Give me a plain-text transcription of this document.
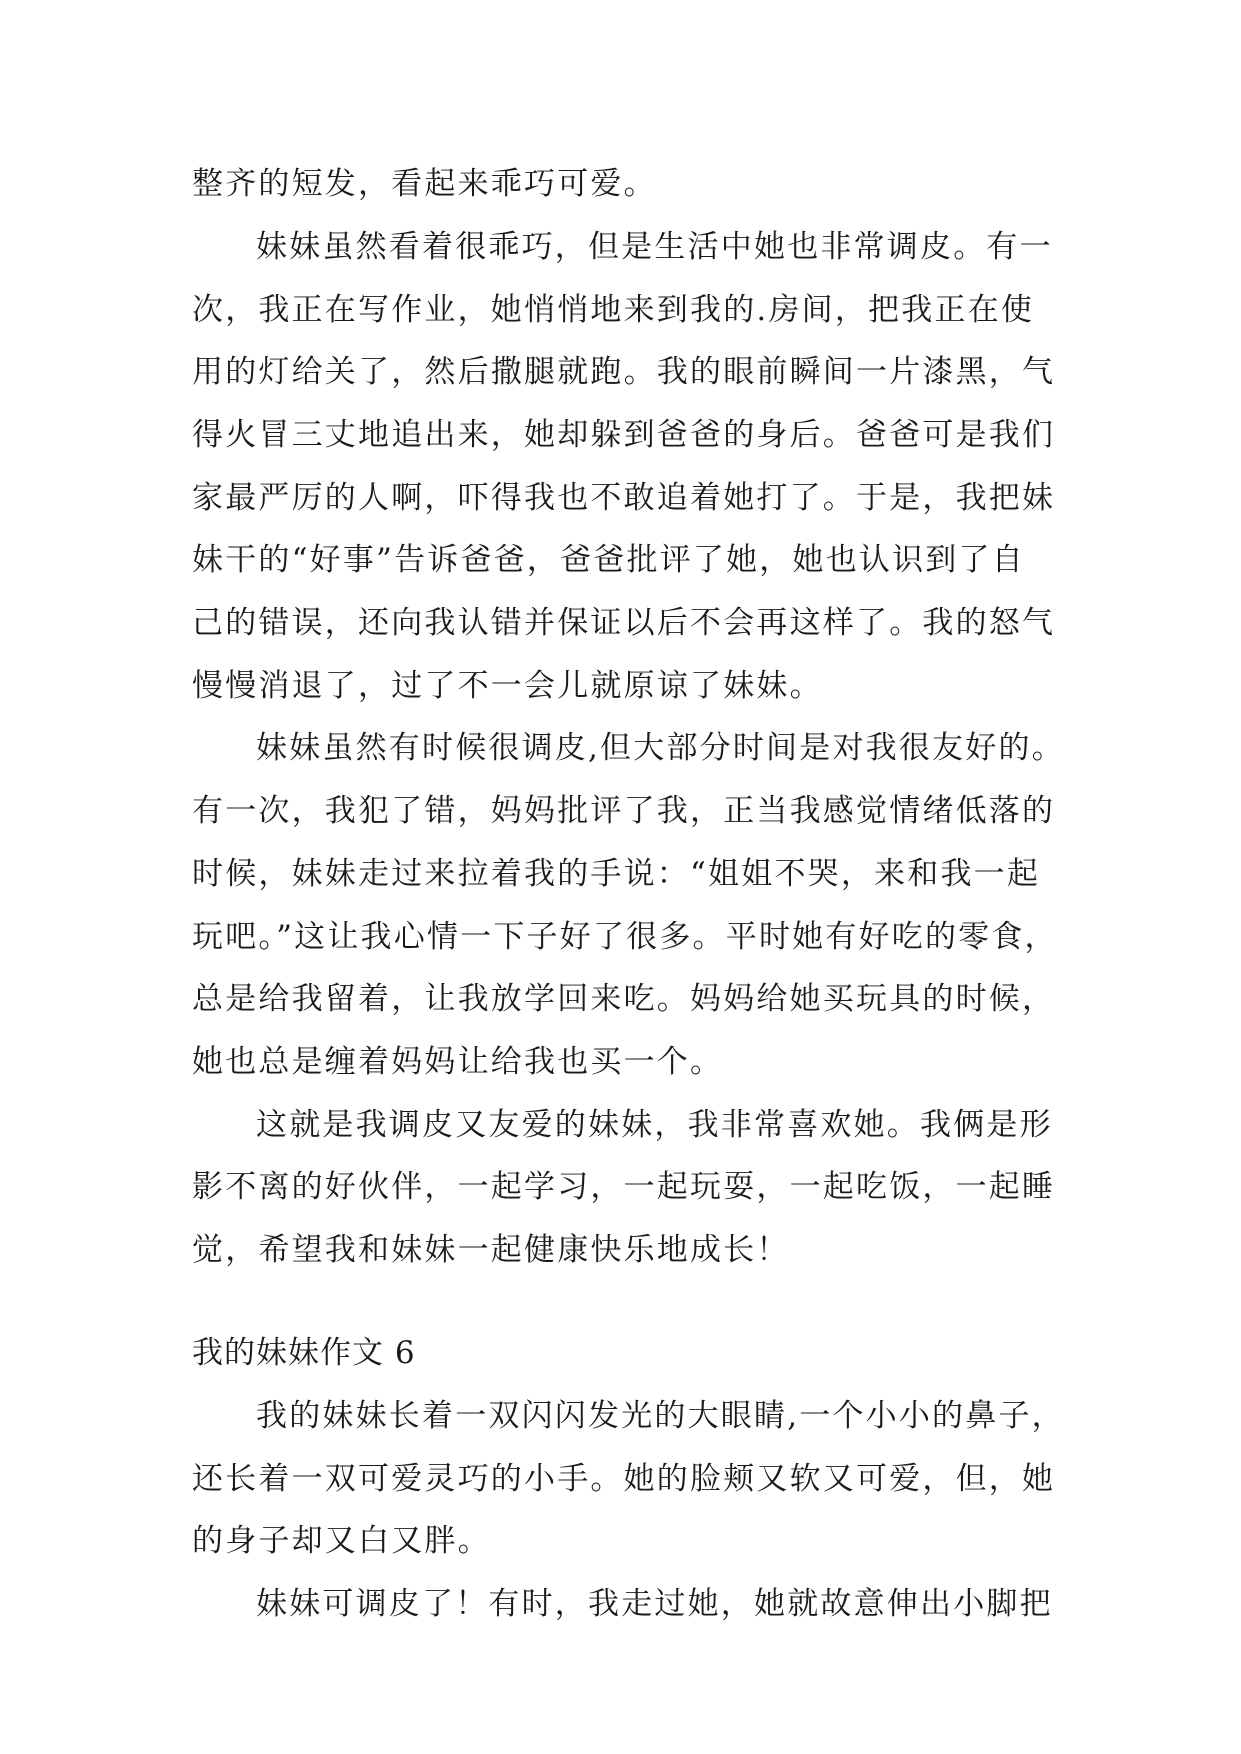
整齐的短发，看起来乖巧可爱。
妹妹虽然看着很乖巧，但是生活中她也非常调皮。有一
次，我正在写作业，她悄悄地来到我的.房间，把我正在使
用的灯给关了，然后撒腿就跑。我的眼前瞬间一片漆黑，气
得火冒三丈地追出来，她却躲到爸爸的身后。爸爸可是我们
家最严厉的人啊，吓得我也不敢追着她打了。于是，我把妹
妹干的“好事”告诉爸爸，爸爸批评了她，她也认识到了自
己的错误，还向我认错并保证以后不会再这样了。我的怒气
慢慢消退了，过了不一会儿就原谅了妹妹。
妹妹虽然有时候很调皮,但大部分时间是对我很友好的。
有一次，我犯了错，妈妈批评了我，正当我感觉情绪低落的
时候，妹妹走过来拉着我的手说：“姐姐不哭，来和我一起
玩吧。”这让我心情一下子好了很多。平时她有好吃的零食，
总是给我留着，让我放学回来吃。妈妈给她买玩具的时候，
她也总是缠着妈妈让给我也买一个。
这就是我调皮又友爱的妹妹，我非常喜欢她。我俩是形
影不离的好伙伴，一起学习，一起玩耍，一起吃饭，一起睡
觉，希望我和妹妹一起健康快乐地成长！
我的妹妹作文 6
我的妹妹长着一双闪闪发光的大眼睛,一个小小的鼻子，
还长着一双可爱灵巧的小手。她的脸颊又软又可爱，但，她
的身子却又白又胖。
妹妹可调皮了！有时，我走过她，她就故意伸出小脚把
